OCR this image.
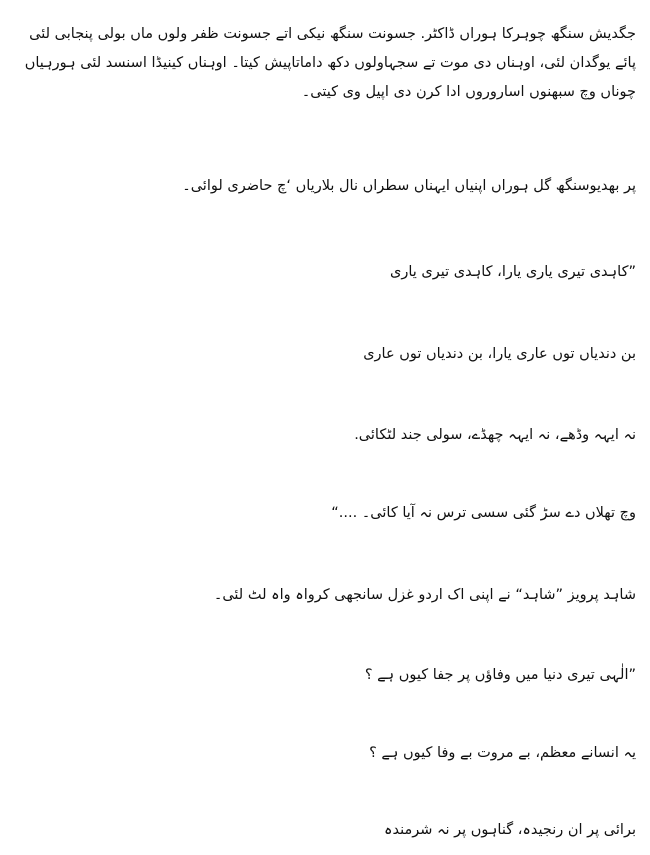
جگدیش سنگھ چوہرکا ہوراں ڈاکٹر. جسونت سنگھ نیکی اتے جسونت ظفر ولوں ماں بولی پنجابی لئی پائے یوگدان لئی، اوہناں دی موت تے سجہاولوں دکھ داماتاپیش کیتا۔ اوہناں کینیڈا اسنسد لئی ہورہیاں چوناں وچ سبھنوں اساروروں ادا کرن دی اپیل وی کیتی۔
پر بھدیوسنگھ گل ہوراں اپنیاں ایہناں سطراں نال بلاریاں ‘چ حاضری لوائی۔
”کاہدی تیری یاری یارا، کاہدی تیری یاری
بن دندیاں توں عاری یارا، بن دندیاں توں عاری
نہ ایہہ وڈھے، نہ ایہہ چھڈے، سولی جند لٹکائی.
وچ تھلاں دے سڑ گئی سسی ترس نہ آیا کائی۔ ....“
شاہد پرویز ”شاہد“ نے اپنی اک اردو غزل سانجھی کرواہ واہ لٹ لئی۔
”الٰہی تیری دنیا میں وفاؤں پر جفا کیوں ہے ؟
یہ انسانے معظم، بے مروت بے وفا کیوں ہے ؟
برائی پر ان رنجیدہ، گناہوں پر نہ شرمندہ
